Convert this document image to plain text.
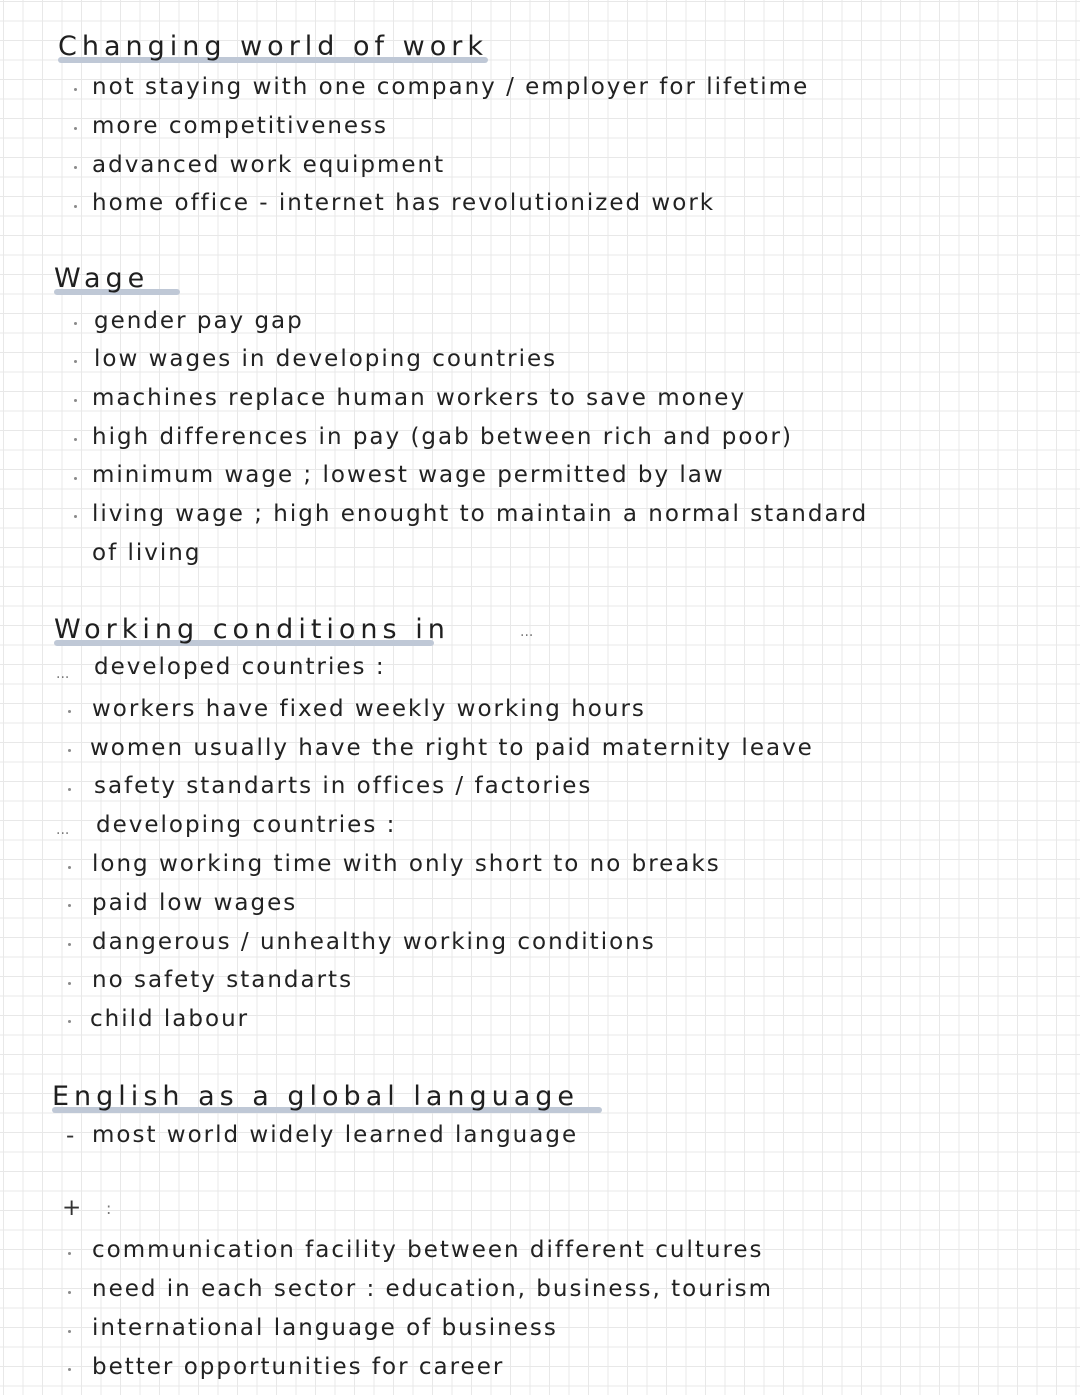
Changing world of work
not staying with one company / employer for lifetime
more competitiveness
advanced work equipment
home office - internet has revolutionized work
Wage
gender pay gap
low wages in developing countries
machines replace human workers to save money
high differences in pay (gab between rich and poor)
minimum wage ; lowest wage permitted by law
living wage ; high enought to maintain a normal standard
of living
Working conditions in	...
... developed countries :
workers have fixed weekly working hours
women usually have the right to paid maternity leave
safety standarts in offices / factories
... developing countries :
long working time with only short to no breaks
paid low wages
dangerous / unhealthy working conditions
no safety standarts
child labour
English as a global language
- most world widely learned language
+ :
communication facility between different cultures
need in each sector : education, business, tourism
international language of business
better opportunities for career
